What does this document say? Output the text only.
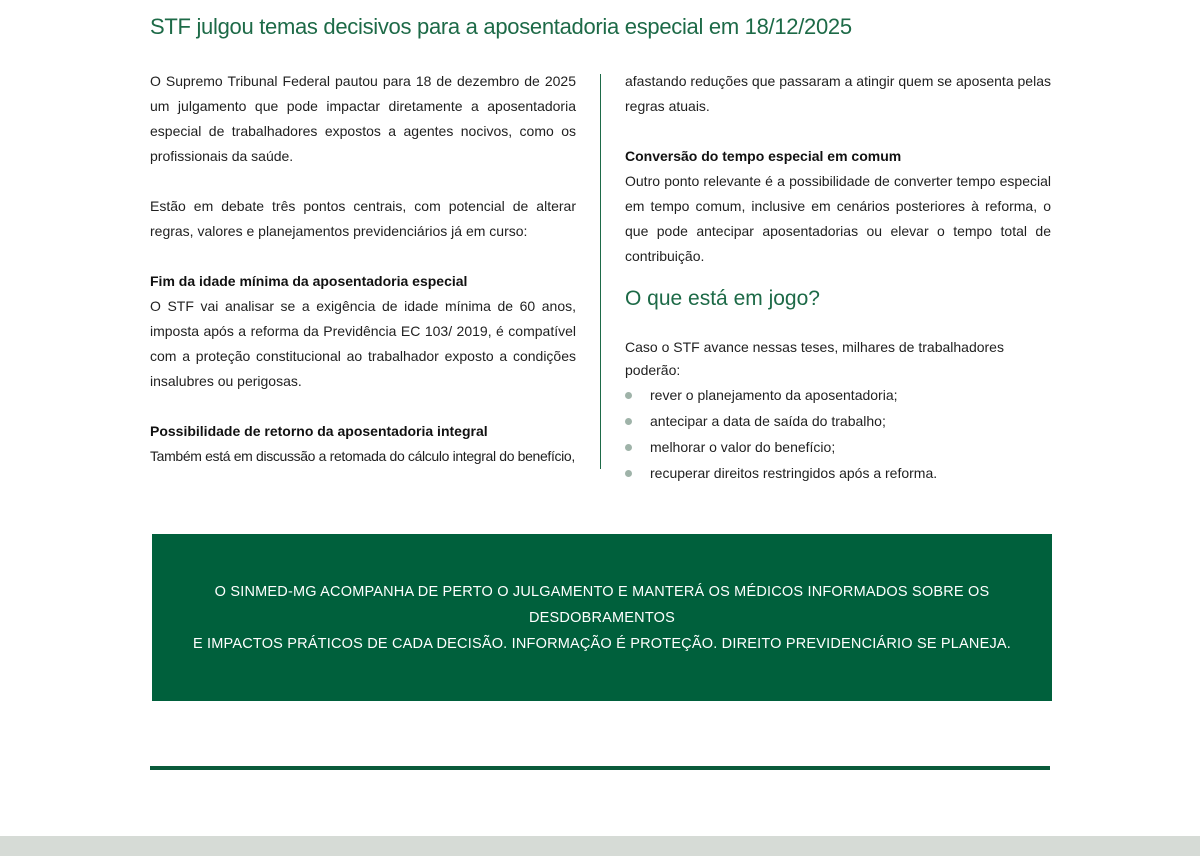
STF julgou temas decisivos para a aposentadoria especial em 18/12/2025

O Supremo Tribunal Federal pautou para 18 de dezembro de 2025 um julgamento que pode impactar diretamente a aposentadoria especial de trabalhadores expostos a agentes nocivos, como os profissionais da saúde.

Estão em debate três pontos centrais, com potencial de alterar regras, valores e planejamentos previdenciários já em curso:

Fim da idade mínima da aposentadoria especial

O STF vai analisar se a exigência de idade mínima de 60 anos, imposta após a reforma da Previdência EC 103/ 2019, é compatível com a proteção constitucional ao trabalhador exposto a condições insalubres ou perigosas.

Possibilidade de retorno da aposentadoria integral

Também está em discussão a retomada do cálculo integral do benefício,

afastando reduções que passaram a atingir quem se aposenta pelas regras atuais.

Conversão do tempo especial em comum

Outro ponto relevante é a possibilidade de converter tempo especial em tempo comum, inclusive em cenários posteriores à reforma, o que pode antecipar aposentadorias ou elevar o tempo total de contribuição.

O que está em jogo?

Caso o STF avance nessas teses, milhares de trabalhadores poderão:

rever o planejamento da aposentadoria;
antecipar a data de saída do trabalho;
melhorar o valor do benefício;
recuperar direitos restringidos após a reforma.
O SINMED-MG ACOMPANHA DE PERTO O JULGAMENTO E MANTERÁ OS MÉDICOS INFORMADOS SOBRE OS DESDOBRAMENTOS
E IMPACTOS PRÁTICOS DE CADA DECISÃO. INFORMAÇÃO É PROTEÇÃO. DIREITO PREVIDENCIÁRIO SE PLANEJA.
